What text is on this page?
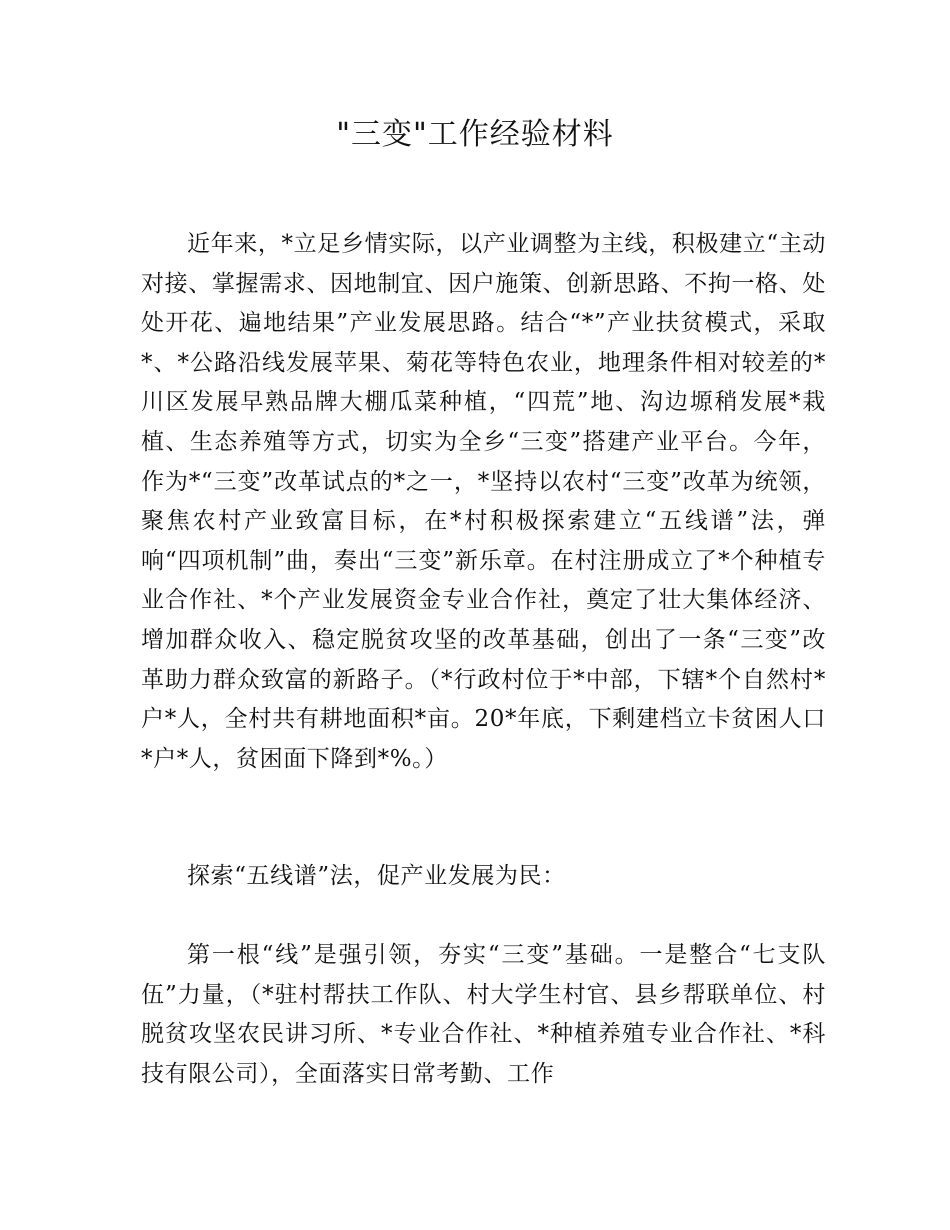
"三变"工作经验材料

近年来，*立足乡情实际，以产业调整为主线，积极建立“主动对接、掌握需求、因地制宜、因户施策、创新思路、不拘一格、处处开花、遍地结果”产业发展思路。结合“*”产业扶贫模式，采取*、*公路沿线发展苹果、菊花等特色农业，地理条件相对较差的*川区发展早熟品牌大棚瓜菜种植，“四荒”地、沟边塬稍发展*栽植、生态养殖等方式，切实为全乡“三变”搭建产业平台。今年，作为*“三变”改革试点的*之一，*坚持以农村“三变”改革为统领，聚焦农村产业致富目标，在*村积极探索建立“五线谱”法，弹响“四项机制”曲，奏出“三变”新乐章。在村注册成立了*个种植专业合作社、*个产业发展资金专业合作社，奠定了壮大集体经济、增加群众收入、稳定脱贫攻坚的改革基础，创出了一条“三变”改革助力群众致富的新路子。（*行政村位于*中部，下辖*个自然村*户*人，全村共有耕地面积*亩。20*年底，下剩建档立卡贫困人口*户*人，贫困面下降到*%。）

探索“五线谱”法，促产业发展为民：

第一根“线”是强引领，夯实“三变”基础。一是整合“七支队伍”力量，（*驻村帮扶工作队、村大学生村官、县乡帮联单位、村脱贫攻坚农民讲习所、*专业合作社、*种植养殖专业合作社、*科技有限公司），全面落实日常考勤、工作
